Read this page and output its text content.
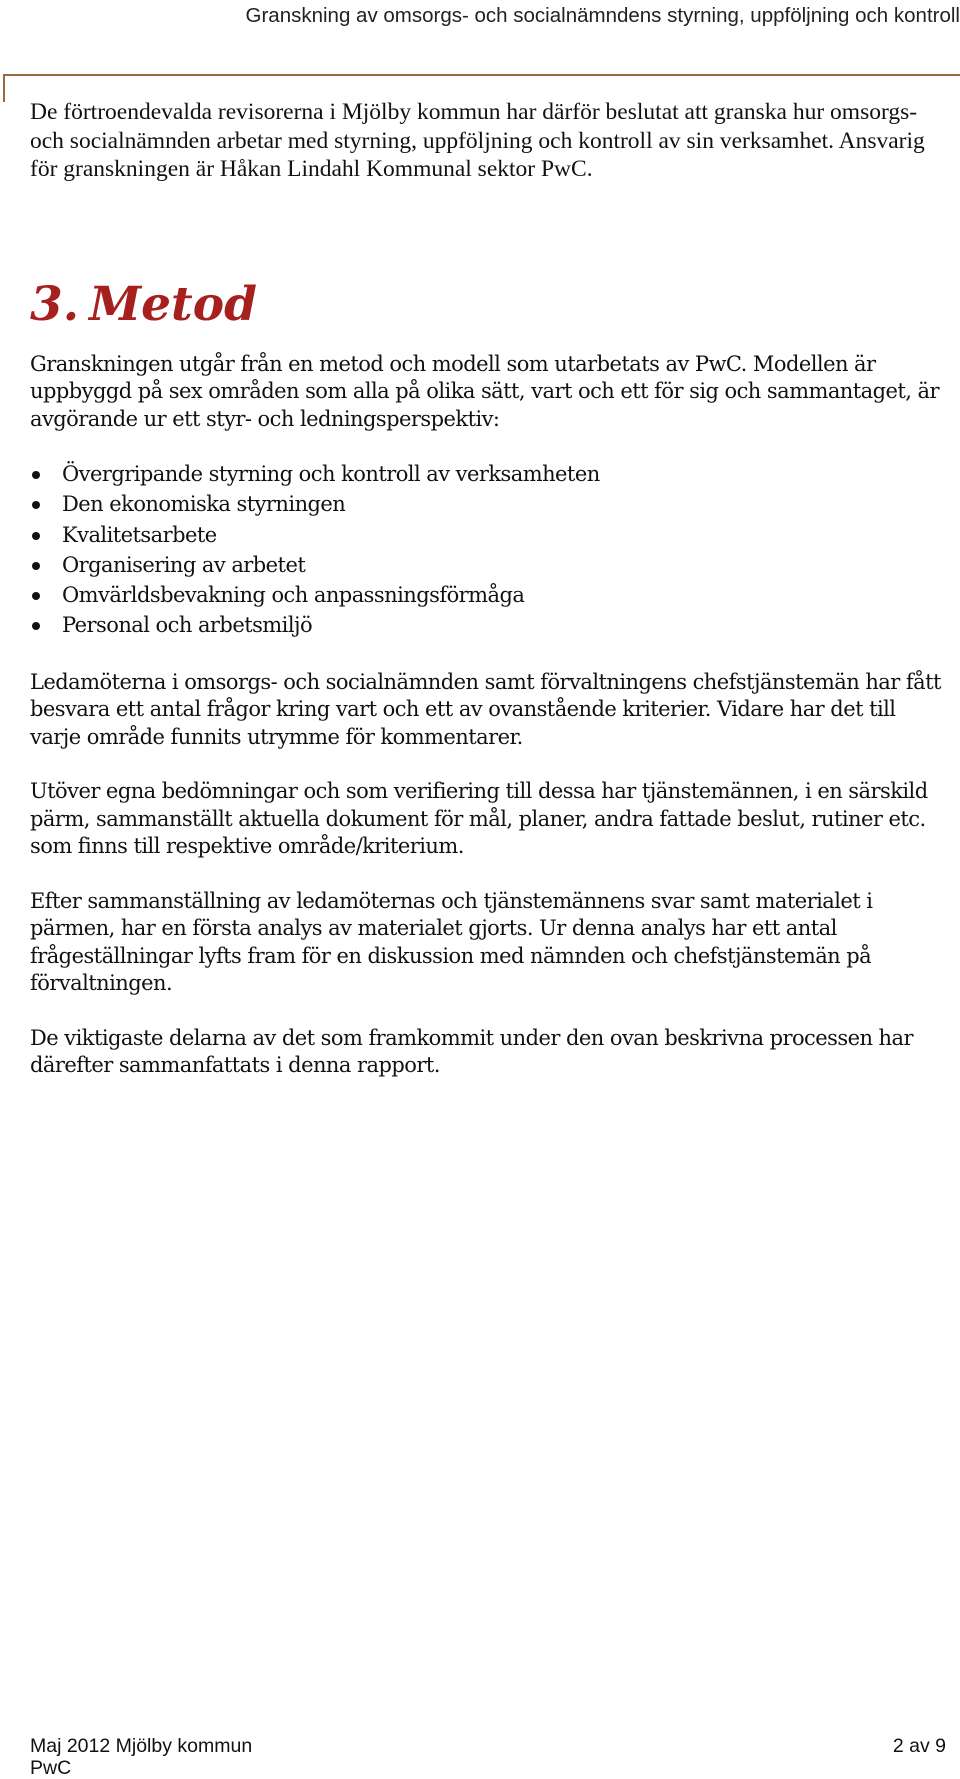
Granskning av omsorgs- och socialnämndens styrning, uppföljning och kontroll

De förtroendevalda revisorerna i Mjölby kommun har därför beslutat att granska hur omsorgs- och socialnämnden arbetar med styrning, uppföljning och kontroll av sin verksamhet. Ansvarig för granskningen är Håkan Lindahl Kommunal sektor PwC.

3. Metod

Granskningen utgår från en metod och modell som utarbetats av PwC. Modellen är uppbyggd på sex områden som alla på olika sätt, vart och ett för sig och sammantaget, är avgörande ur ett styr- och ledningsperspektiv:

Övergripande styrning och kontroll av verksamheten
Den ekonomiska styrningen
Kvalitetsarbete
Organisering av arbetet
Omvärldsbevakning och anpassningsförmåga
Personal och arbetsmiljö

Ledamöterna i omsorgs- och socialnämnden samt förvaltningens chefstjänstemän har fått besvara ett antal frågor kring vart och ett av ovanstående kriterier. Vidare har det till varje område funnits utrymme för kommentarer.

Utöver egna bedömningar och som verifiering till dessa har tjänstemännen, i en särskild pärm, sammanställt aktuella dokument för mål, planer, andra fattade beslut, rutiner etc. som finns till respektive område/kriterium.

Efter sammanställning av ledamöternas och tjänstemännens svar samt materialet i pärmen, har en första analys av materialet gjorts. Ur denna analys har ett antal frågeställningar lyfts fram för en diskussion med nämnden och chefstjänstemän på förvaltningen.

De viktigaste delarna av det som framkommit under den ovan beskrivna processen har därefter sammanfattats i denna rapport.

Maj 2012 Mjölby kommun
PwC
2 av 9
